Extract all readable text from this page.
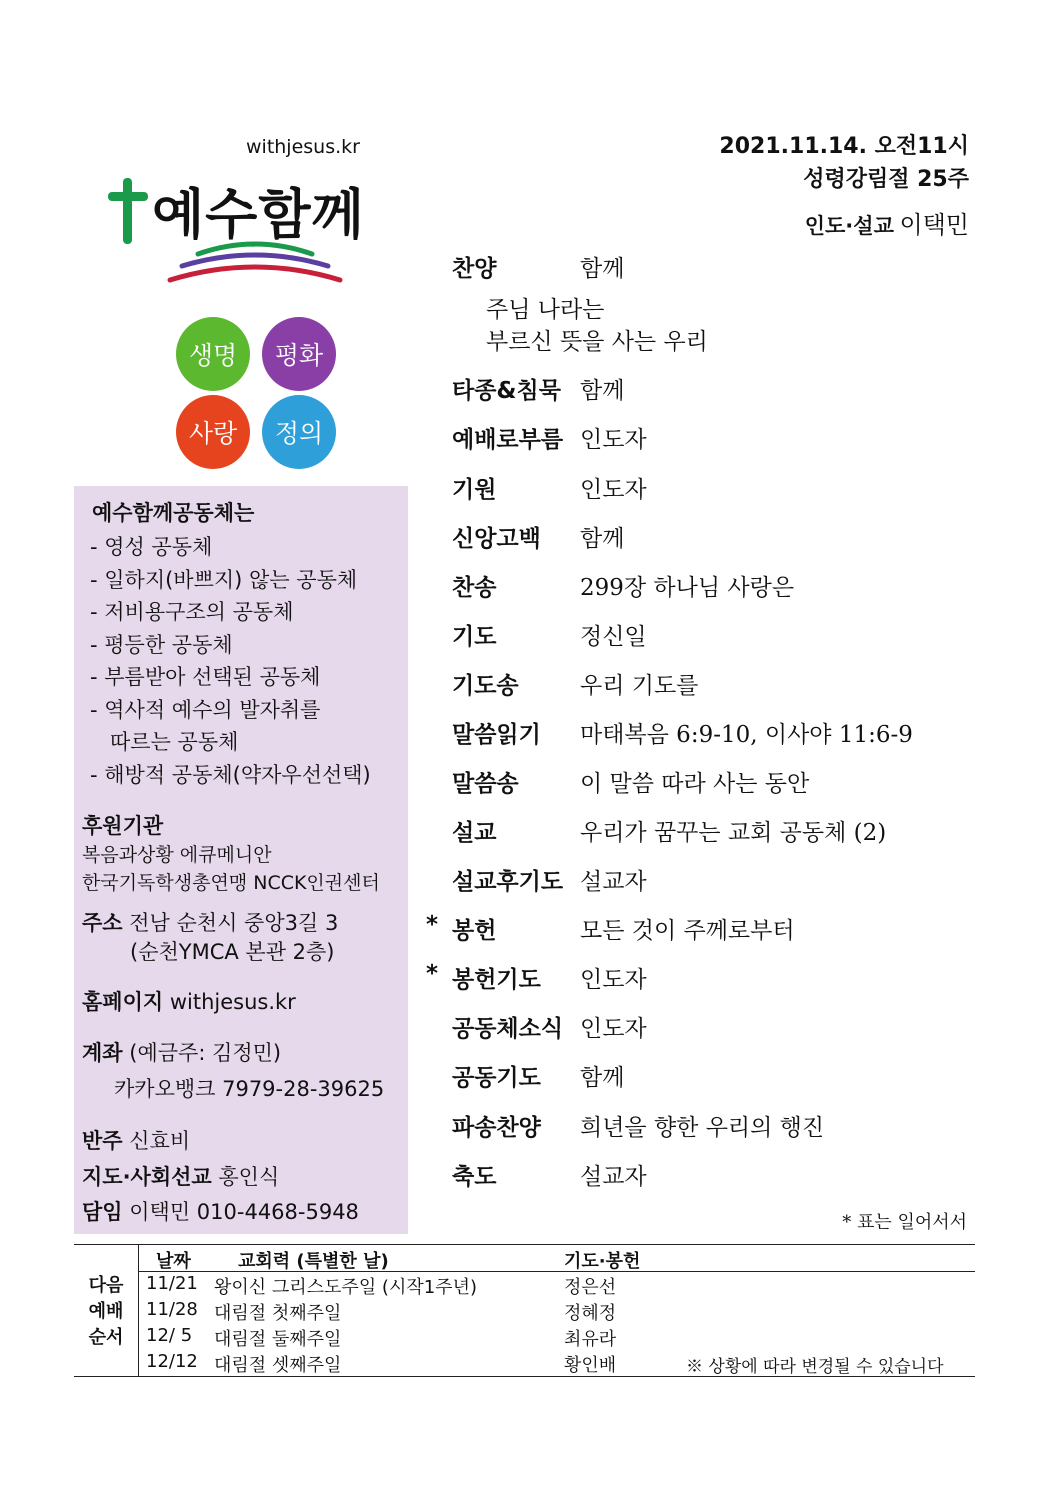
withjesus.kr
예수함께
생명 평화
사랑 정의
예수함께공동체는
- 영성 공동체
- 일하지(바쁘지) 않는 공동체
- 저비용구조의 공동체
- 평등한 공동체
- 부름받아 선택된 공동체
- 역사적 예수의 발자취를
따르는 공동체
- 해방적 공동체(약자우선선택)
후원기관
복음과상황 에큐메니안
한국기독학생총연맹 NCCK인권센터
주소 전남 순천시 중앙3길 3
(순천YMCA 본관 2층)
홈페이지 withjesus.kr
계좌 (예금주: 김정민)
카카오뱅크 7979-28-39625
반주 신효비
지도·사회선교 홍인식
담임 이택민 010-4468-5948
2021.11.14. 오전11시
성령강림절 25주
인도·설교 이택민
찬양	함께
타종&침묵 함께
예배로부름 인도자
기원	인도자
신앙고백 함께
찬송	299장 하나님 사랑은
기도	정신일
기도송	우리 기도를
말씀읽기 마태복음 6:9-10, 이사야 11:6-9
말씀송	이 말씀 따라 사는 동안
설교	우리가 꿈꾸는 교회 공동체 (2)
설교후기도 설교자
* 봉헌	모든 것이 주께로부터
* 봉헌기도 인도자
공동체소식 인도자
공동기도 함께
파송찬양 희년을 향한 우리의 행진
축도	설교자
주님 나라는
부르신 뜻을 사는 우리
* 표는 일어서서
다음
예배
순서
날짜	교회력 (특별한 날)	기도·봉헌
11/21 왕이신 그리스도주일 (시작1주년)	정은선
11/28 대림절 첫째주일	정혜정
12/ 5 대림절 둘째주일	최유라
12/12 대림절 셋째주일	황인배	※ 상황에 따라 변경될 수 있습니다
